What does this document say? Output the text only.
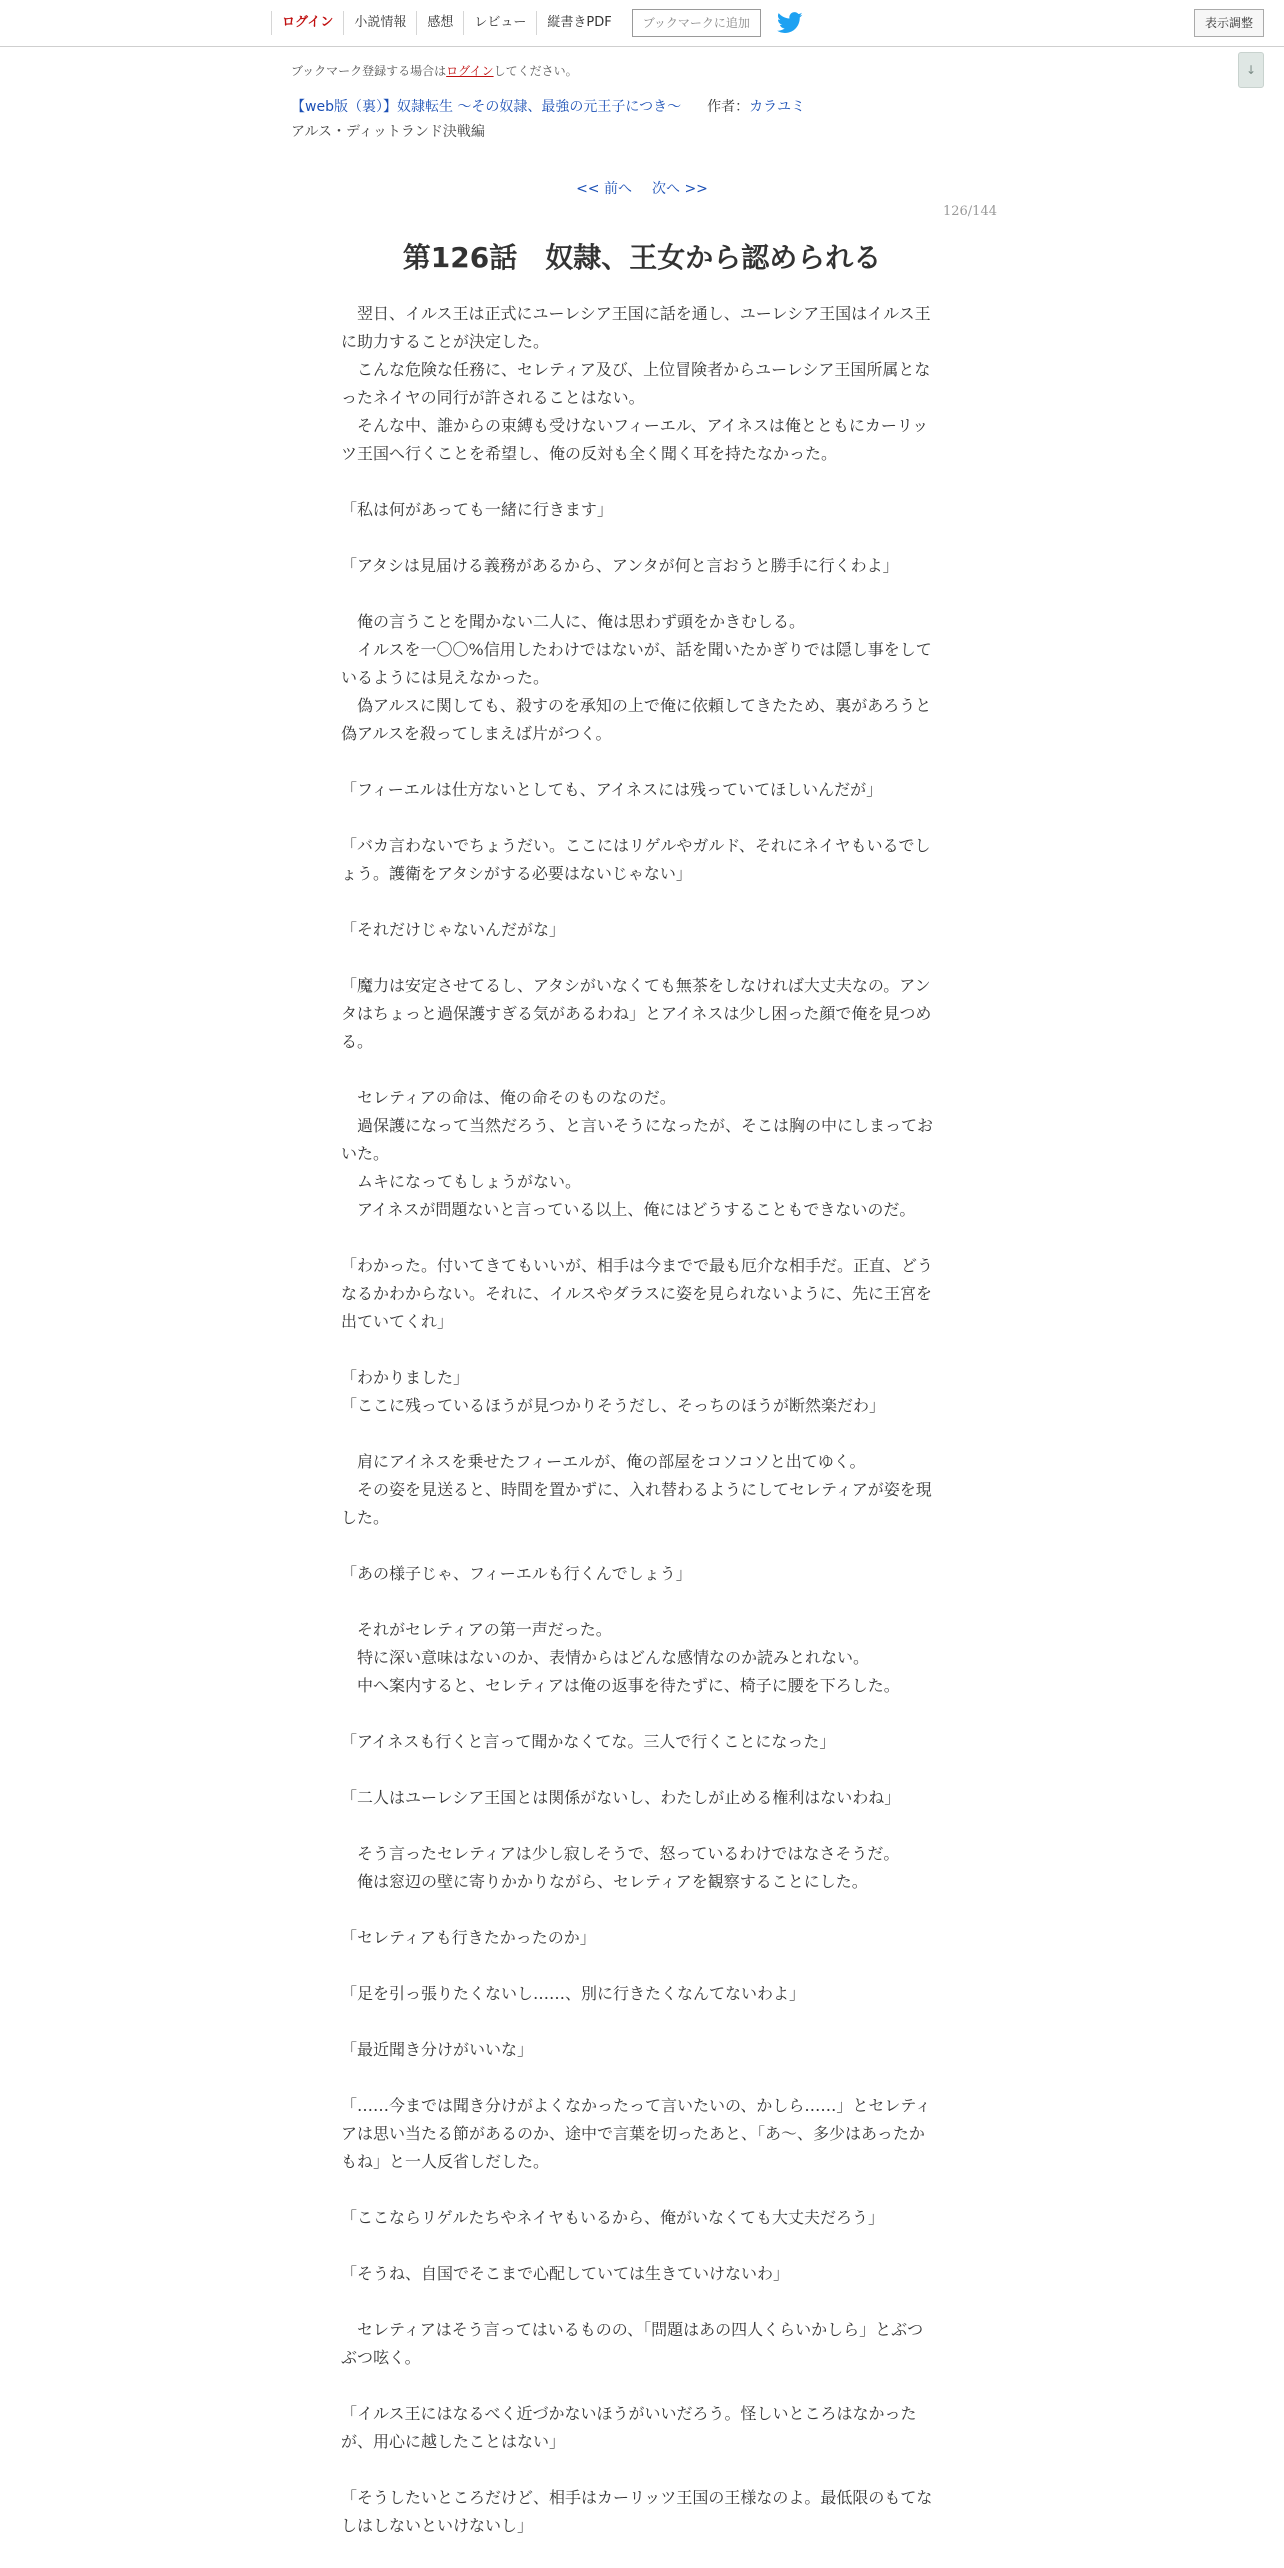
ログイン	小説情報	感想	レビュー	縦書きPDF	ブックマークに追加	表示調整
↓
ブックマーク登録する場合はログインしてください。
【web版（裏）】奴隷転生 ～その奴隷、最強の元王子につき～ 作者：カラユミ
アルス・ディットランド決戦編
<< 前へ 次へ >>
126/144
第126話　奴隷、王女から認められる

　翌日、イルス王は正式にユーレシア王国に話を通し、ユーレシア王国はイルス王に助力することが決定した。

　こんな危険な任務に、セレティア及び、上位冒険者からユーレシア王国所属となったネイヤの同行が許されることはない。

　そんな中、誰からの束縛も受けないフィーエル、アイネスは俺とともにカーリッツ王国へ行くことを希望し、俺の反対も全く聞く耳を持たなかった。

「私は何があっても一緒に行きます」

「アタシは見届ける義務があるから、アンタが何と言おうと勝手に行くわよ」

　俺の言うことを聞かない二人に、俺は思わず頭をかきむしる。

　イルスを一〇〇%信用したわけではないが、話を聞いたかぎりでは隠し事をしているようには見えなかった。

　偽アルスに関しても、殺すのを承知の上で俺に依頼してきたため、裏があろうと偽アルスを殺ってしまえば片がつく。

「フィーエルは仕方ないとしても、アイネスには残っていてほしいんだが」

「バカ言わないでちょうだい。ここにはリゲルやガルド、それにネイヤもいるでしょう。護衛をアタシがする必要はないじゃない」

「それだけじゃないんだがな」

「魔力は安定させてるし、アタシがいなくても無茶をしなければ大丈夫なの。アンタはちょっと過保護すぎる気があるわね」とアイネスは少し困った顔で俺を見つめる。

　セレティアの命は、俺の命そのものなのだ。

　過保護になって当然だろう、と言いそうになったが、そこは胸の中にしまっておいた。

　ムキになってもしょうがない。

　アイネスが問題ないと言っている以上、俺にはどうすることもできないのだ。

「わかった。付いてきてもいいが、相手は今までで最も厄介な相手だ。正直、どうなるかわからない。それに、イルスやダラスに姿を見られないように、先に王宮を出ていてくれ」

「わかりました」

「ここに残っているほうが見つかりそうだし、そっちのほうが断然楽だわ」

　肩にアイネスを乗せたフィーエルが、俺の部屋をコソコソと出てゆく。

　その姿を見送ると、時間を置かずに、入れ替わるようにしてセレティアが姿を現した。

「あの様子じゃ、フィーエルも行くんでしょう」

　それがセレティアの第一声だった。

　特に深い意味はないのか、表情からはどんな感情なのか読みとれない。

　中へ案内すると、セレティアは俺の返事を待たずに、椅子に腰を下ろした。

「アイネスも行くと言って聞かなくてな。三人で行くことになった」

「二人はユーレシア王国とは関係がないし、わたしが止める権利はないわね」

　そう言ったセレティアは少し寂しそうで、怒っているわけではなさそうだ。

　俺は窓辺の壁に寄りかかりながら、セレティアを観察することにした。

「セレティアも行きたかったのか」

「足を引っ張りたくないし……、別に行きたくなんてないわよ」

「最近聞き分けがいいな」

「……今までは聞き分けがよくなかったって言いたいの、かしら……」とセレティアは思い当たる節があるのか、途中で言葉を切ったあと、「あ～、多少はあったかもね」と一人反省しだした。

「ここならリゲルたちやネイヤもいるから、俺がいなくても大丈夫だろう」

「そうね、自国でそこまで心配していては生きていけないわ」

　セレティアはそう言ってはいるものの、「問題はあの四人くらいかしら」とぶつぶつ呟く。

「イルス王にはなるべく近づかないほうがいいだろう。怪しいところはなかったが、用心に越したことはない」

「そうしたいところだけど、相手はカーリッツ王国の王様なのよ。最低限のもてなしはしないといけないし」
